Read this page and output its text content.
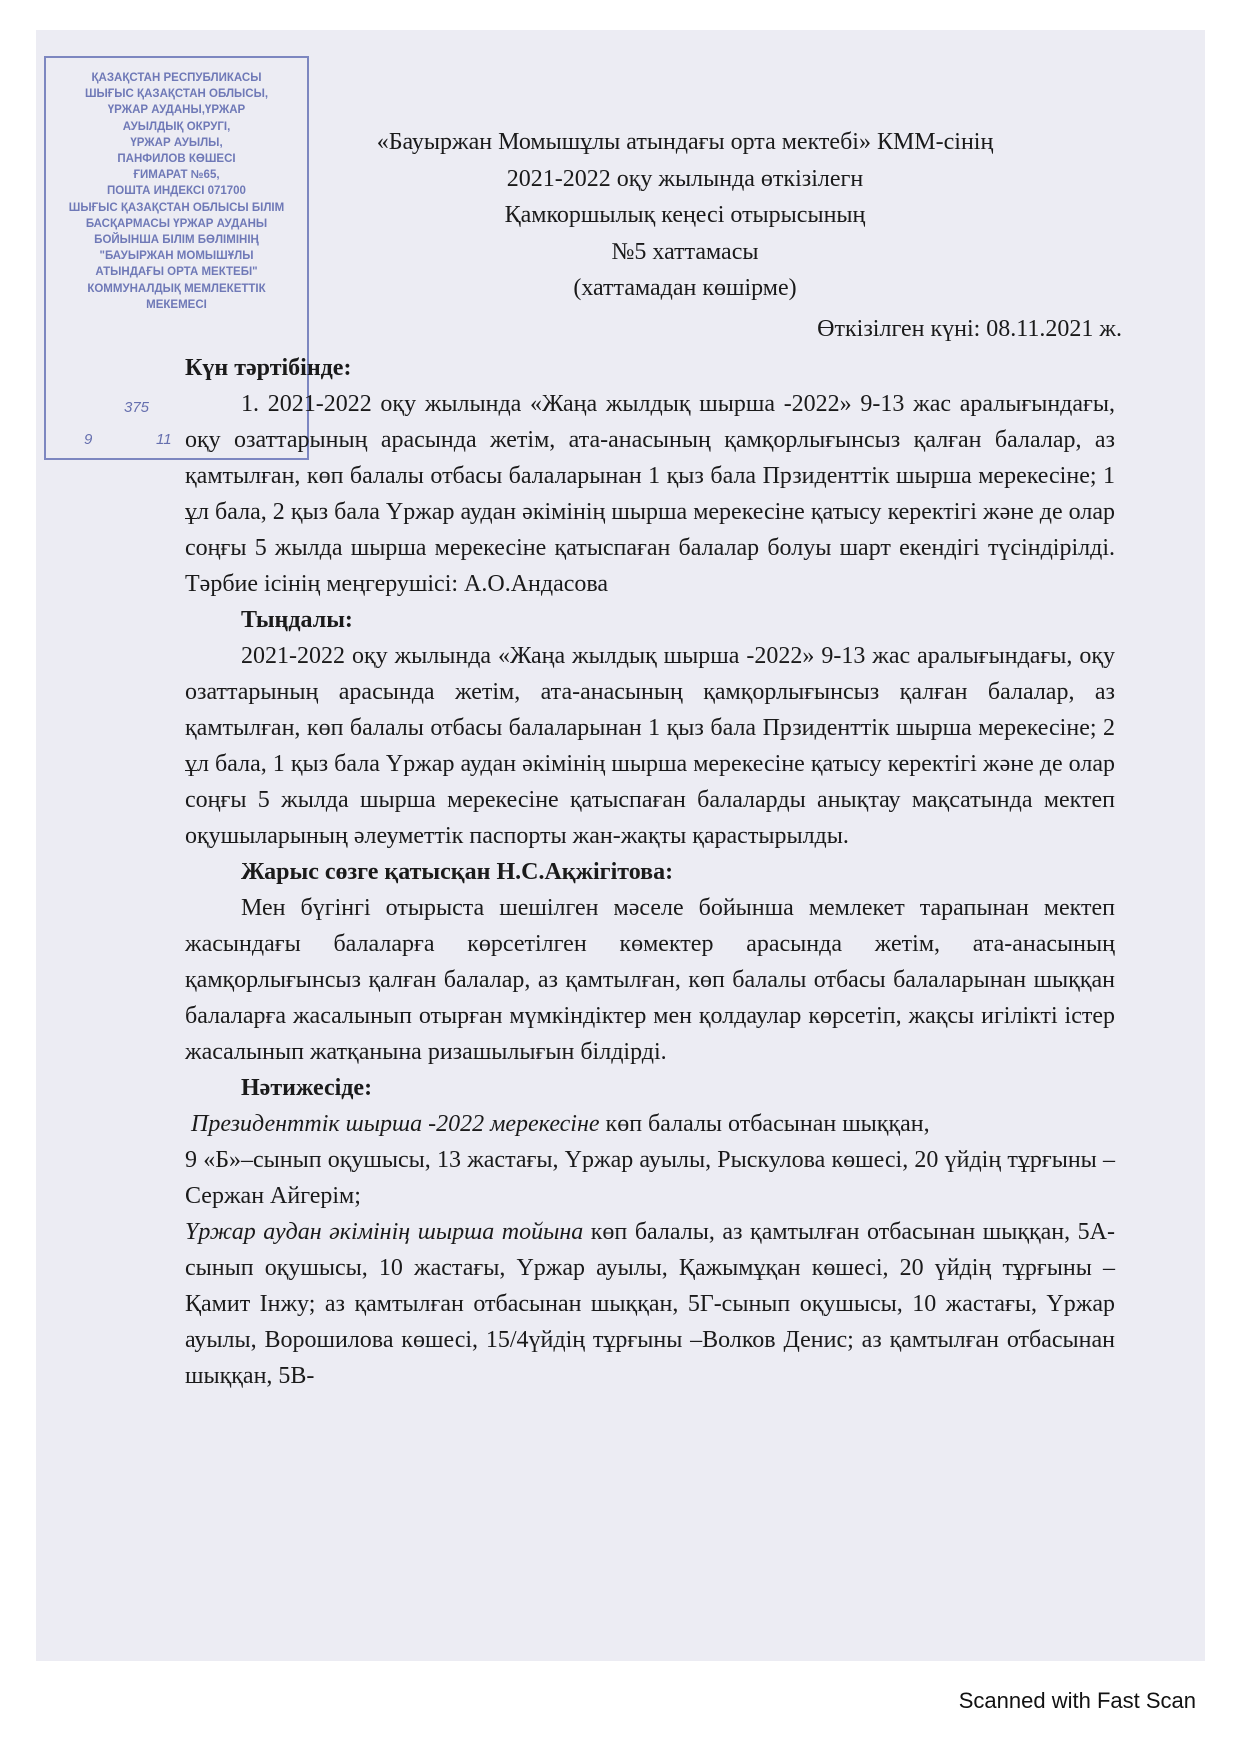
ҚАЗАҚСТАН РЕСПУБЛИКАСЫ
ШЫҒЫС ҚАЗАҚСТАН ОБЛЫСЫ,
ҮРЖАР АУДАНЫ,ҮРЖАР
АУЫЛДЫҚ ОКРУГІ,
ҮРЖАР АУЫЛЫ,
ПАНФИЛОВ КӨШЕСІ
ҒИМАРАТ №65,
ПОШТА ИНДЕКСІ 071700
ШЫҒЫС ҚАЗАҚСТАН ОБЛЫСЫ БІЛІМ
БАСҚАРМАСЫ ҮРЖАР АУДАНЫ
БОЙЫНША БІЛІМ БӨЛІМІНІҢ
"БАУЫРЖАН МОМЫШҰЛЫ
АТЫНДАҒЫ ОРТА МЕКТЕБІ"
КОММУНАЛДЫҚ МЕМЛЕКЕТТІК
МЕКЕМЕСІ
375
9	11
«Бауыржан Момышұлы атындағы орта мектебі» КММ-сінің
2021-2022 оқу жылында өткізілегн
Қамкоршылық кеңесі отырысының
№5 хаттамасы
(хаттамадан көшірме)
Өткізілген күні: 08.11.2021 ж.

Күн тәртібінде:

1. 2021-2022 оқу жылында «Жаңа жылдық шырша -2022» 9-13 жас аралығындағы, оқу озаттарының арасында жетім, ата-анасының қамқорлығынсыз қалған балалар, аз қамтылған, көп балалы отбасы балаларынан 1 қыз бала Прзиденттік шырша мерекесіне; 1 ұл бала, 2 қыз бала Үржар аудан әкімінің шырша мерекесіне қатысу керектігі және де олар соңғы 5 жылда шырша мерекесіне қатыспаған балалар болуы шарт екендігі түсіндірілді. Тәрбие ісінің меңгерушісі: А.О.Андасова

Тыңдалы:

2021-2022 оқу жылында «Жаңа жылдық шырша -2022» 9-13 жас аралығындағы, оқу озаттарының арасында жетім, ата-анасының қамқорлығынсыз қалған балалар, аз қамтылған, көп балалы отбасы балаларынан 1 қыз бала Прзиденттік шырша мерекесіне; 2 ұл бала, 1 қыз бала Үржар аудан әкімінің шырша мерекесіне қатысу керектігі және де олар соңғы 5 жылда шырша мерекесіне қатыспаған балаларды анықтау мақсатында мектеп оқушыларының әлеуметтік паспорты жан-жақты қарастырылды.

Жарыс сөзге қатысқан Н.С.Ақжігітова:

Мен бүгінгі отырыста шешілген мәселе бойынша мемлекет тарапынан мектеп жасындағы балаларға көрсетілген көмектер арасында жетім, ата-анасының қамқорлығынсыз қалған балалар, аз қамтылған, көп балалы отбасы балаларынан шыққан балаларға жасалынып отырған мүмкіндіктер мен қолдаулар көрсетіп, жақсы игілікті істер жасалынып жатқанына ризашылығын білдірді.

Нәтижесіде:

Президенттік шырша -2022 мерекесіне көп балалы отбасынан шыққан,

9 «Б»–сынып оқушысы, 13 жастағы, Үржар ауылы, Рыскулова көшесі, 20 үйдің тұрғыны – Сержан Айгерім;

Үржар аудан әкімінің шырша тойына көп балалы, аз қамтылған отбасынан шыққан, 5А-сынып оқушысы, 10 жастағы, Үржар ауылы, Қажымұқан көшесі, 20 үйдің тұрғыны – Қамит Інжу; аз қамтылған отбасынан шыққан, 5Г-сынып оқушысы, 10 жастағы, Үржар ауылы, Ворошилова көшесі, 15/4үйдің тұрғыны –Волков Денис; аз қамтылған отбасынан шыққан, 5В-

Scanned with Fast Scan
